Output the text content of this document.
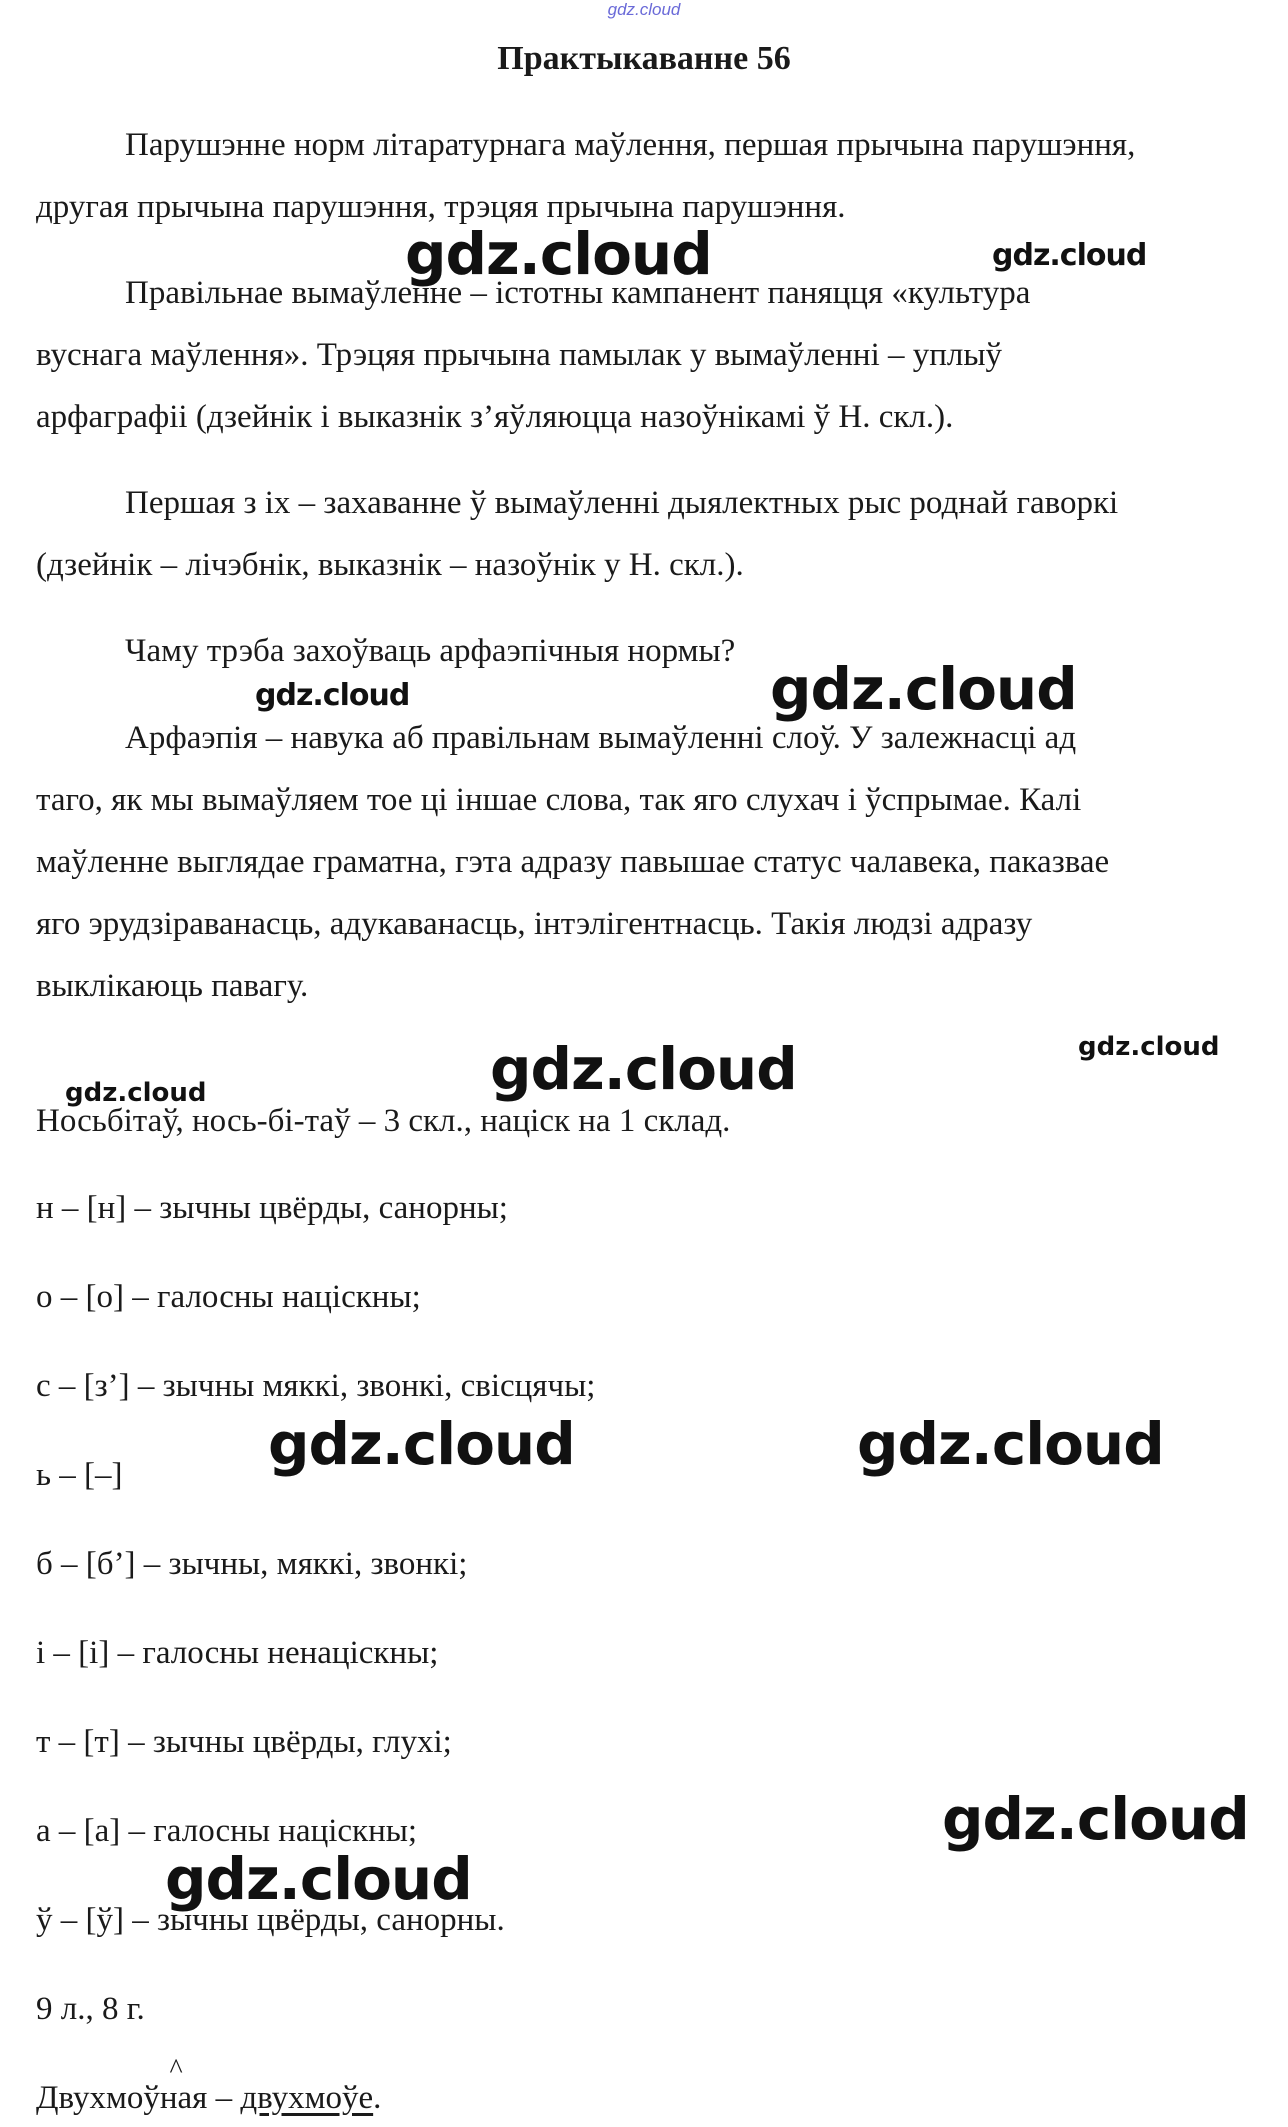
gdz.cloud
Практыкаванне 56
Парушэнне норм літаратурнага маўлення, першая прычына парушэння,
другая прычына парушэння, трэцяя прычына парушэння.
Правільнае вымаўленне – істотны кампанент паняцця «культура
вуснага маўлення». Трэцяя прычына памылак у вымаўленні – уплыў
арфаграфіі (дзейнік і выказнік з’яўляюцца назоўнікамі ў Н. скл.).
Першая з іх – захаванне ў вымаўленні дыялектных рыс роднай гаворкі
(дзейнік – лічэбнік, выказнік – назоўнік у Н. скл.).
Чаму трэба захоўваць арфаэпічныя нормы?
Арфаэпія – навука аб правільнам вымаўленні слоў. У залежнасці ад
таго, як мы вымаўляем тое ці іншае слова, так яго слухач і ўспрымае. Калі
маўленне выглядае граматна, гэта адразу павышае статус чалавека, паказвае
яго эрудзіраванасць, адукаванасць, інтэлігентнасць. Такія людзі адразу
выклікаюць павагу.
Носьбітаў, нось-бі-таў – 3 скл., націск на 1 склад.
н – [н] – зычны цвёрды, санорны;
о – [о] – галосны націскны;
с – [з’] – зычны мяккі, звонкі, свісцячы;
ь – [–]
б – [б’] – зычны, мяккі, звонкі;
і – [і] – галосны ненаціскны;
т – [т] – зычны цвёрды, глухі;
а – [а] – галосны націскны;
ў – [ў] – зычны цвёрды, санорны.
9 л., 8 г.
Двухмоў
^
ная – двухмоўе.
gdz.cloud	gdz.cloud
gdz.cloud	gdz.cloud
gdz.cloud	gdz.cloud
gdz.cloud
gdz.cloud	gdz.cloud
gdz.cloud
gdz.cloud
